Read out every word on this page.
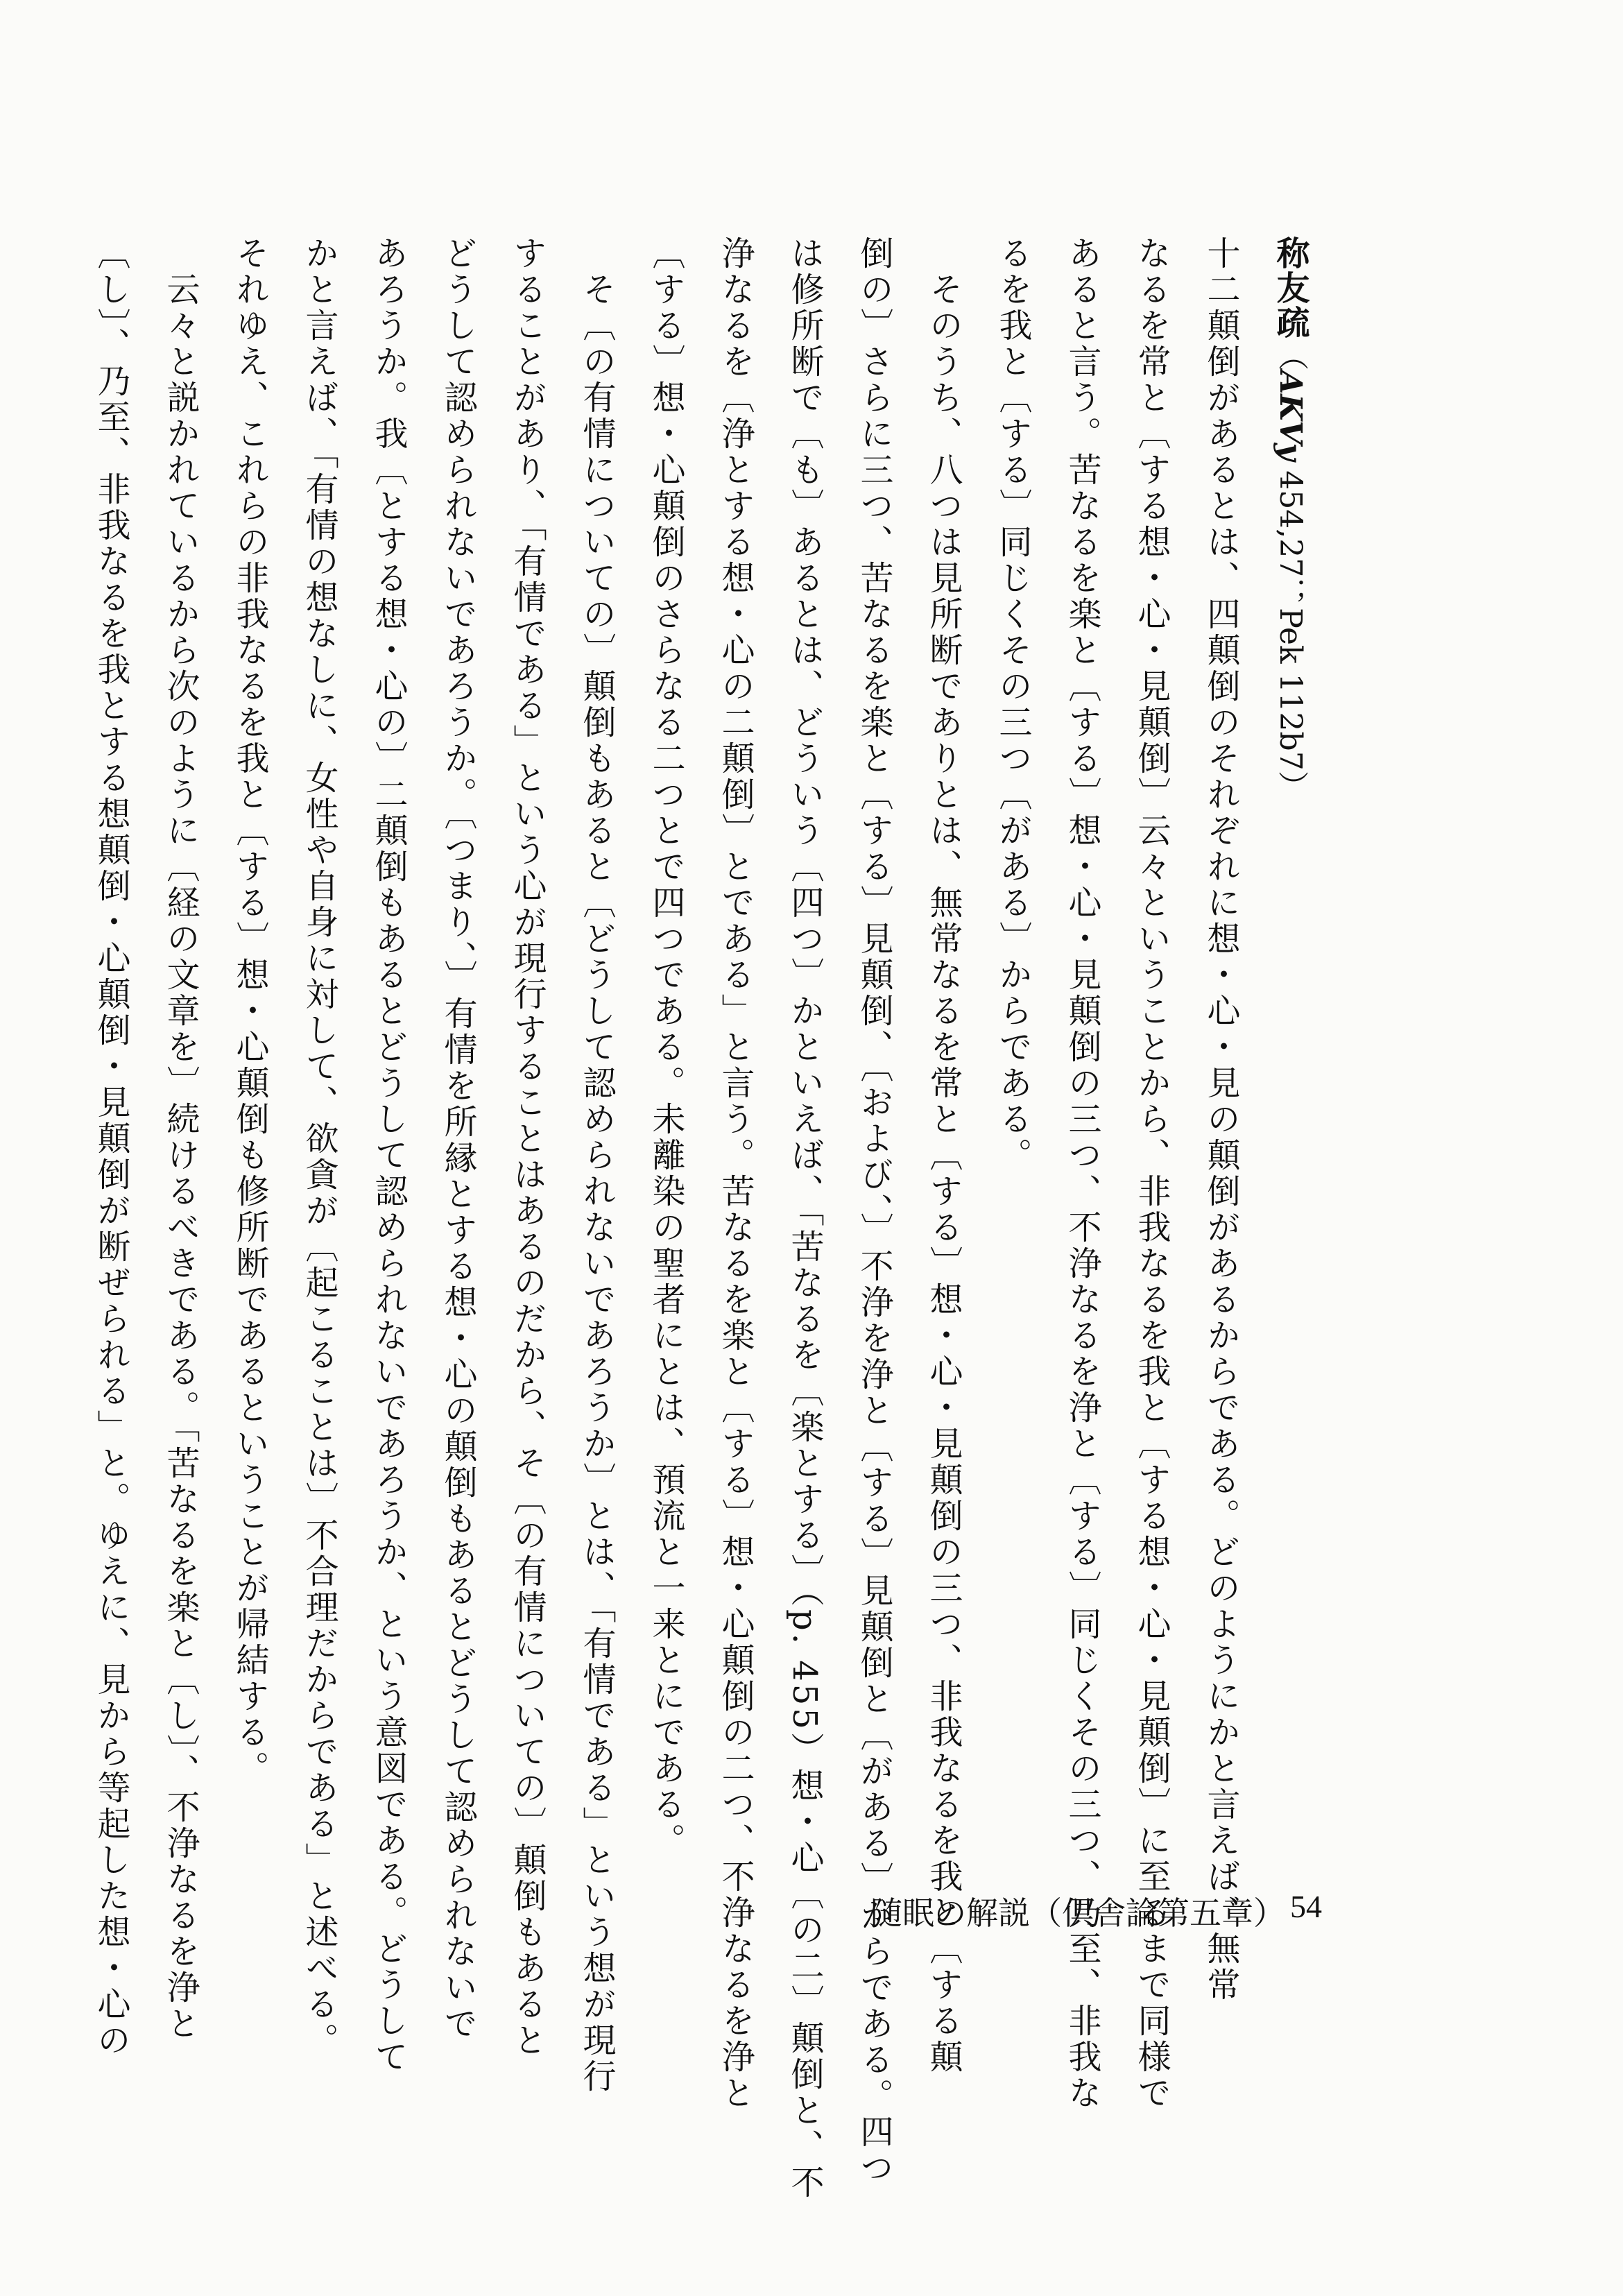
称友疏（AKVy 454,27；Pek 112b7）
十二顛倒があるとは、四顛倒のそれぞれに想・心・見の顛倒があるからである。どのようにかと言えば、無常
なるを常と〔する想・心・見顛倒〕云々ということから、非我なるを我と〔する想・心・見顛倒〕に至るまで同様で
あると言う。苦なるを楽と〔する〕想・心・見顛倒の三つ、不浄なるを浄と〔する〕同じくその三つ、乃至、非我な
るを我と〔する〕同じくその三つ〔がある〕からである。
　そのうち、八つは見所断でありとは、無常なるを常と〔する〕想・心・見顛倒の三つ、非我なるを我と〔する顛
倒の〕さらに三つ、苦なるを楽と〔する〕見顛倒、〔および、〕不浄を浄と〔する〕見顛倒と〔がある〕からである。四つ
は修所断で〔も〕あるとは、どういう〔四つ〕かといえば、「苦なるを〔楽とする〕（p. 455）想・心〔の二〕顛倒と、不
浄なるを〔浄とする想・心の二顛倒〕とである」と言う。苦なるを楽と〔する〕想・心顛倒の二つ、不浄なるを浄と
〔する〕想・心顛倒のさらなる二つとで四つである。未離染の聖者にとは、預流と一来とにである。
　そ〔の有情についての〕顛倒もあると〔どうして認められないであろうか〕とは、「有情である」という想が現行
することがあり、「有情である」という心が現行することはあるのだから、そ〔の有情についての〕顛倒もあると
どうして認められないであろうか。〔つまり、〕有情を所縁とする想・心の顛倒もあるとどうして認められないで
あろうか。我〔とする想・心の〕二顛倒もあるとどうして認められないであろうか、という意図である。どうして
かと言えば、「有情の想なしに、女性や自身に対して、欲貪が〔起こることは〕不合理だからである」と述べる。
それゆえ、これらの非我なるを我と〔する〕想・心顛倒も修所断であるということが帰結する。
　云々と説かれているから次のように〔経の文章を〕続けるべきである。「苦なるを楽と〔し〕、不浄なるを浄と
〔し〕、乃至、非我なるを我とする想顛倒・心顛倒・見顛倒が断ぜられる」と。ゆえに、見から等起した想・心の	随眠の解説（倶舎論第五章） 54
